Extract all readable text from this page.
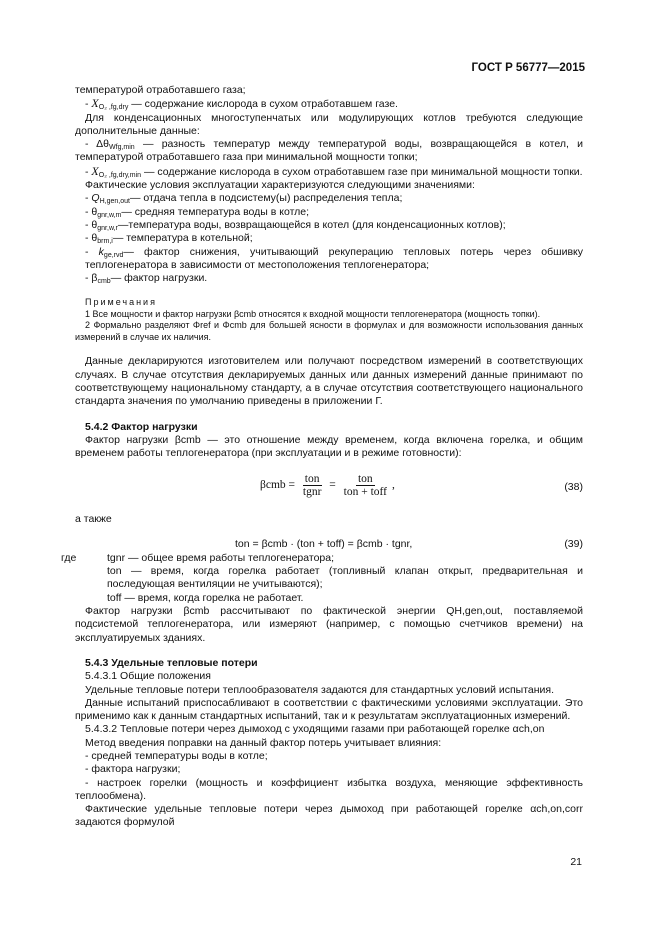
ГОСТ Р 56777—2015

температурой отработавшего газа;

- $X_{O_2 ,fg,dry}$ — содержание кислорода в сухом отработавшем газе.

Для конденсационных многоступенчатых или модулирующих котлов требуются следующие дополнительные данные:

- $\Delta\theta_{Wfg,min}$ — разность температур между температурой воды, возвращающейся в котел, и температурой отработавшего газа при минимальной мощности топки;

- $X_{O_2 ,fg,dry,min}$ — содержание кислорода в сухом отработавшем газе при минимальной мощности топки.

Фактические условия эксплуатации характеризуются следующими значениями:

- $Q_{H,gen,out}—$ отдача тепла в подсистему(ы) распределения тепла;

- $\theta_{gnr,w,m}—$ средняя температура воды в котле;

- $\theta_{gnr,w,r}—температура$ воды, возвращающейся в котел (для конденсационных котлов);

- $\theta_{brm,i}—$ температура в котельной;

- $k_{ge,rvd}—$ фактор снижения, учитывающий рекуперацию тепловых потерь через обшивку теплогенератора в зависимости от местоположения теплогенератора;

- $\beta_{cmb}—$ фактор нагрузки.

Примечания

1 Все мощности и фактор нагрузки βcmb относятся к входной мощности теплогенератора (мощность топки).

2 Формально разделяют Φref и Φcmb для большей ясности в формулах и для возможности использования данных измерений в случае их наличия.

Данные декларируются изготовителем или получают посредством измерений в соответствующих случаях. В случае отсутствия декларируемых данных или данных измерений данные принимают по соответствующему национальному стандарту, а в случае отсутствия соответствующего национального стандарта значения по умолчанию приведены в приложении Г.

5.4.2 Фактор нагрузки

Фактор нагрузки βcmb — это отношение между временем, когда включена горелка, и общим временем работы теплогенератора (при эксплуатации и в режиме готовности):

$\beta cmb = \frac{\text{ton}}{\text{tgnr}} = \frac{\text{ton}}{\text{ton + toff}}$ ,	(38)

а также

ton = βcmb · (ton + toff) = βcmb · tgnr,	(39)

где	tgnr — общее время работы теплогенератора;

ton — время, когда горелка работает (топливный клапан открыт, предварительная и последующая вентиляции не учитываются);

toff — время, когда горелка не работает.

Фактор нагрузки βcmb рассчитывают по фактической энергии QH,gen,out, поставляемой подсистемой теплогенератора, или измеряют (например, с помощью счетчиков времени) на эксплуатируемых зданиях.

5.4.3 Удельные тепловые потери

5.4.3.1 Общие положения

Удельные тепловые потери теплообразователя задаются для стандартных условий испытания.

Данные испытаний приспосабливают в соответствии с фактическими условиями эксплуатации. Это применимо как к данным стандартных испытаний, так и к результатам эксплуатационных измерений.

5.4.3.2 Тепловые потери через дымоход с уходящими газами при работающей горелке αch,on

Метод введения поправки на данный фактор потерь учитывает влияния:

- средней температуры воды в котле;

- фактора нагрузки;

- настроек горелки (мощность и коэффициент избытка воздуха, меняющие эффективность теплообмена).

Фактические удельные тепловые потери через дымоход при работающей горелке αch,on,corr задаются формулой

21
